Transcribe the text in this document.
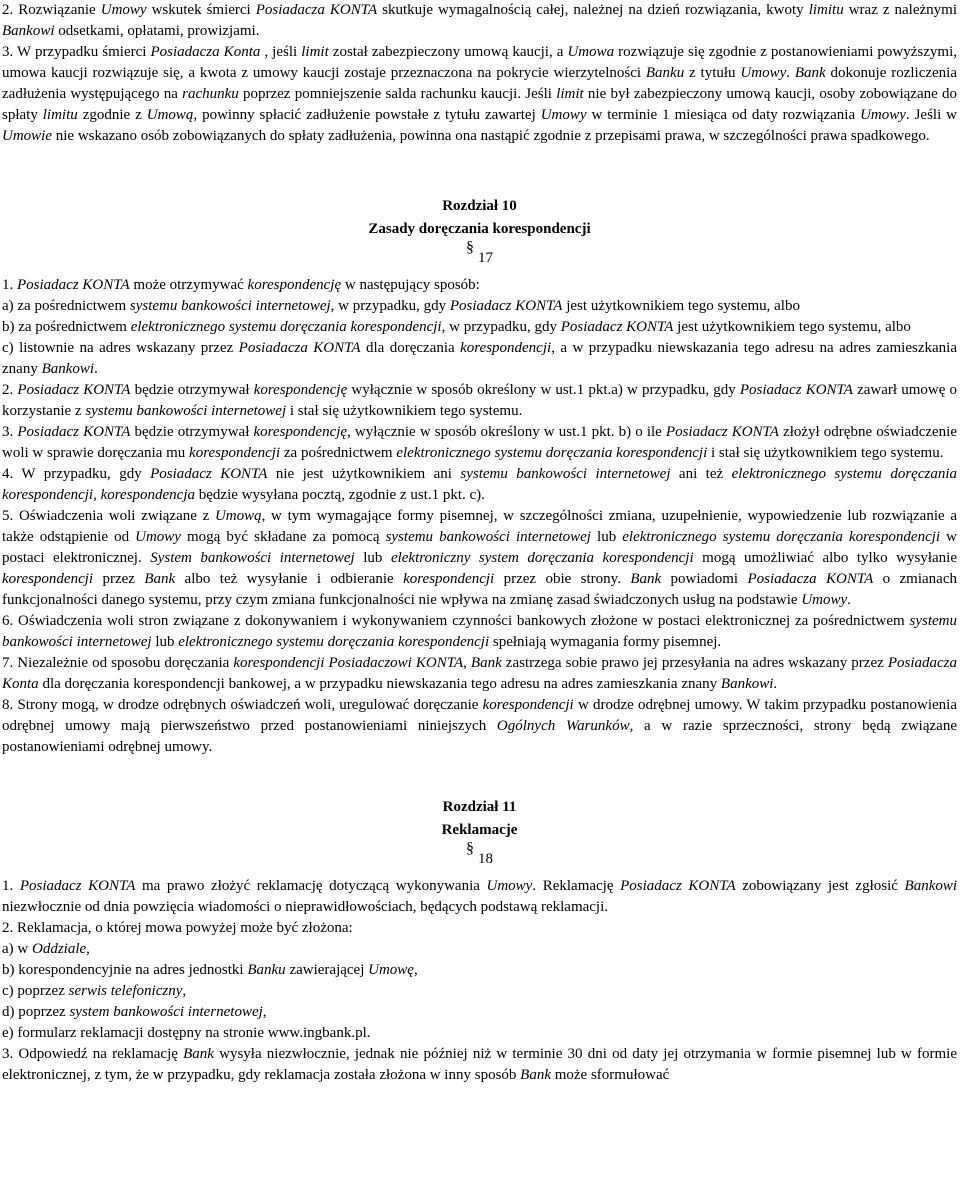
2. Rozwiązanie Umowy wskutek śmierci Posiadacza KONTA skutkuje wymagalnością całej, należnej na dzień rozwiązania, kwoty limitu wraz z należnymi Bankowi odsetkami, opłatami, prowizjami.

3. W przypadku śmierci Posiadacza Konta , jeśli limit został zabezpieczony umową kaucji, a Umowa rozwiązuje się zgodnie z postanowieniami powyższymi, umowa kaucji rozwiązuje się, a kwota z umowy kaucji zostaje przeznaczona na pokrycie wierzytelności Banku z tytułu Umowy. Bank dokonuje rozliczenia zadłużenia występującego na rachunku poprzez pomniejszenie salda rachunku kaucji. Jeśli limit nie był zabezpieczony umową kaucji, osoby zobowiązane do spłaty limitu zgodnie z Umową, powinny spłacić zadłużenie powstałe z tytułu zawartej Umowy w terminie 1 miesiąca od daty rozwiązania Umowy. Jeśli w Umowie nie wskazano osób zobowiązanych do spłaty zadłużenia, powinna ona nastąpić zgodnie z przepisami prawa, w szczególności prawa spadkowego.

Rozdział 10
Zasady doręczania korespondencji
§17

1. Posiadacz KONTA może otrzymywać korespondencję w następujący sposób:

a) za pośrednictwem systemu bankowości internetowej, w przypadku, gdy Posiadacz KONTA jest użytkownikiem tego systemu, albo

b) za pośrednictwem elektronicznego systemu doręczania korespondencji, w przypadku, gdy Posiadacz KONTA jest użytkownikiem tego systemu, albo

c) listownie na adres wskazany przez Posiadacza KONTA dla doręczania korespondencji, a w przypadku niewskazania tego adresu na adres zamieszkania znany Bankowi.

2. Posiadacz KONTA będzie otrzymywał korespondencję wyłącznie w sposób określony w ust.1 pkt.a) w przypadku, gdy Posiadacz KONTA zawarł umowę o korzystanie z systemu bankowości internetowej i stał się użytkownikiem tego systemu.

3. Posiadacz KONTA będzie otrzymywał korespondencję, wyłącznie w sposób określony w ust.1 pkt. b) o ile Posiadacz KONTA złożył odrębne oświadczenie woli w sprawie doręczania mu korespondencji za pośrednictwem elektronicznego systemu doręczania korespondencji i stał się użytkownikiem tego systemu.

4. W przypadku, gdy Posiadacz KONTA nie jest użytkownikiem ani systemu bankowości internetowej ani też elektronicznego systemu doręczania korespondencji, korespondencja będzie wysyłana pocztą, zgodnie z ust.1 pkt. c).

5. Oświadczenia woli związane z Umową, w tym wymagające formy pisemnej, w szczególności zmiana, uzupełnienie, wypowiedzenie lub rozwiązanie a także odstąpienie od Umowy mogą być składane za pomocą systemu bankowości internetowej lub elektronicznego systemu doręczania korespondencji w postaci elektronicznej. System bankowości internetowej lub elektroniczny system doręczania korespondencji mogą umożliwiać albo tylko wysyłanie korespondencji przez Bank albo też wysyłanie i odbieranie korespondencji przez obie strony. Bank powiadomi Posiadacza KONTA o zmianach funkcjonalności danego systemu, przy czym zmiana funkcjonalności nie wpływa na zmianę zasad świadczonych usług na podstawie Umowy.

6. Oświadczenia woli stron związane z dokonywaniem i wykonywaniem czynności bankowych złożone w postaci elektronicznej za pośrednictwem systemu bankowości internetowej lub elektronicznego systemu doręczania korespondencji spełniają wymagania formy pisemnej.

7. Niezależnie od sposobu doręczania korespondencji Posiadaczowi KONTA, Bank zastrzega sobie prawo jej przesyłania na adres wskazany przez Posiadacza Konta dla doręczania korespondencji bankowej, a w przypadku niewskazania tego adresu na adres zamieszkania znany Bankowi.

8. Strony mogą, w drodze odrębnych oświadczeń woli, uregulować doręczanie korespondencji w drodze odrębnej umowy. W takim przypadku postanowienia odrębnej umowy mają pierwszeństwo przed postanowieniami niniejszych Ogólnych Warunków, a w razie sprzeczności, strony będą związane postanowieniami odrębnej umowy.

Rozdział 11
Reklamacje
§18

1. Posiadacz KONTA ma prawo złożyć reklamację dotyczącą wykonywania Umowy. Reklamację Posiadacz KONTA zobowiązany jest zgłosić Bankowi niezwłocznie od dnia powzięcia wiadomości o nieprawidłowościach, będących podstawą reklamacji.

2. Reklamacja, o której mowa powyżej może być złożona:

a) w Oddziale,

b) korespondencyjnie na adres jednostki Banku zawierającej Umowę,

c) poprzez serwis telefoniczny,

d) poprzez system bankowości internetowej,

e) formularz reklamacji dostępny na stronie www.ingbank.pl.

3. Odpowiedź na reklamację Bank wysyła niezwłocznie, jednak nie później niż w terminie 30 dni od daty jej otrzymania w formie pisemnej lub w formie elektronicznej, z tym, że w przypadku, gdy reklamacja została złożona w inny sposób Bank może sformułować
